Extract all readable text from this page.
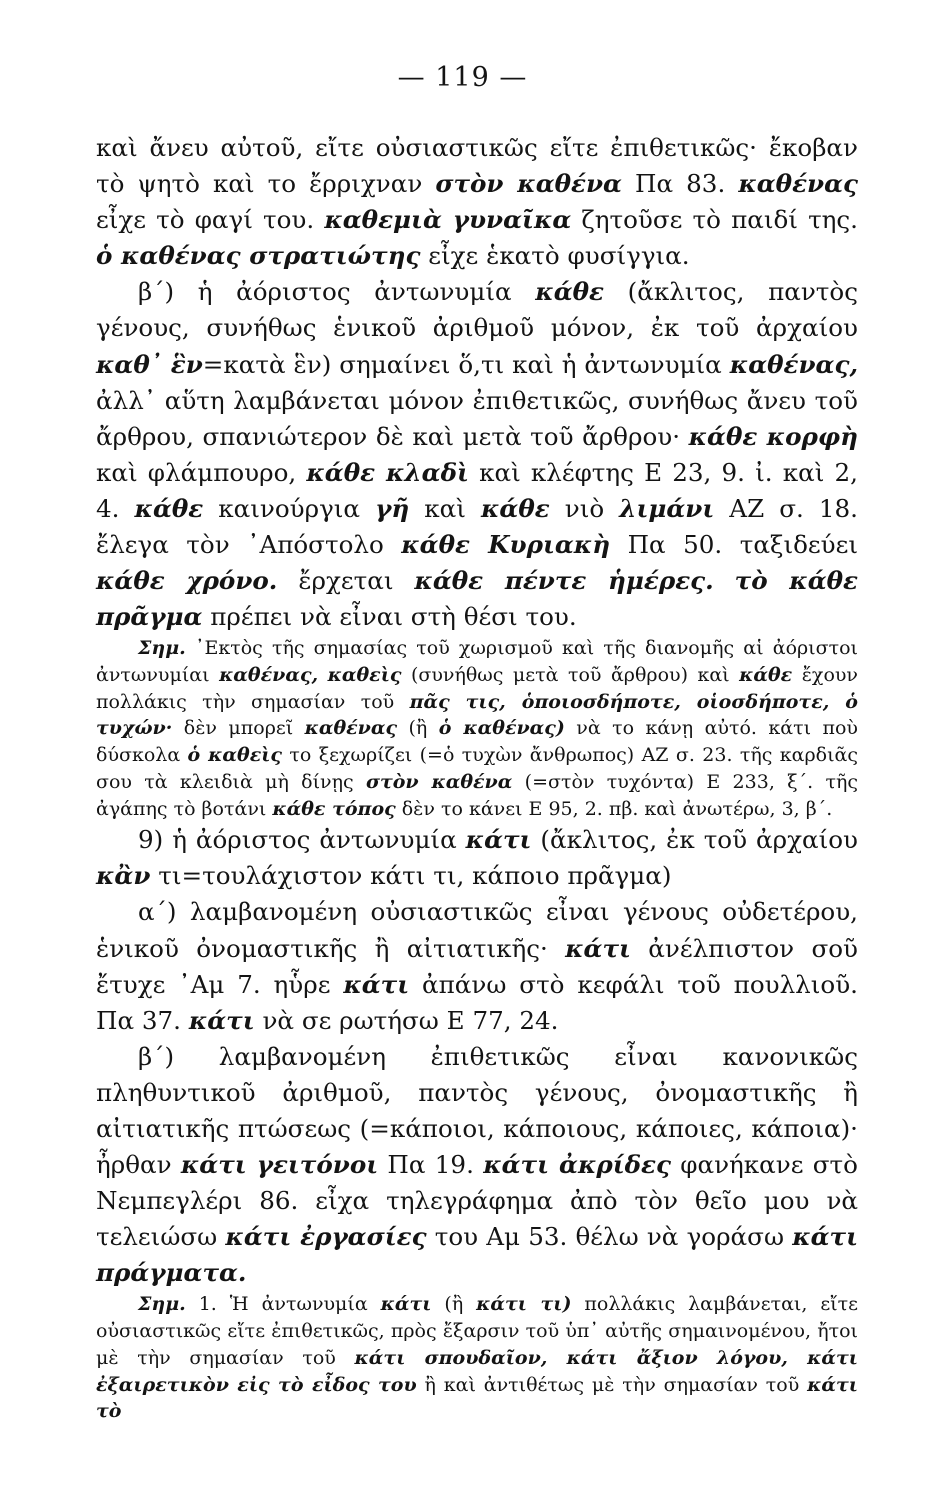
— 119 —

καὶ ἄνευ αὐτοῦ, εἴτε οὐσιαστικῶς εἴτε ἐπιθετικῶς· ἔκοβαν τὸ ψητὸ καὶ το ἔρριχναν στὸν καθένα Πα 83. καθένας εἶχε τὸ φαγί του. καθεμιὰ γυναῖκα ζητοῦσε τὸ παιδί της. ὁ καθένας στρατιώτης εἶχε ἑκατὸ φυσίγγια.

β´) ἡ ἀόριστος ἀντωνυμία κάθε (ἄκλιτος, παντὸς γένους, συνήθως ἑνικοῦ ἀριθμοῦ μόνον, ἐκ τοῦ ἀρχαίου καθ᾽ ἓν=κατὰ ἓν) σημαίνει ὅ,τι καὶ ἡ ἀντωνυμία καθένας, ἀλλ᾽ αὕτη λαμβάνεται μόνον ἐπιθετικῶς, συνήθως ἄνευ τοῦ ἄρθρου, σπανιώτερον δὲ καὶ μετὰ τοῦ ἄρθρου· κάθε κορφὴ καὶ φλάμπουρο, κάθε κλαδὶ καὶ κλέφτης Ε 23, 9. ἰ. καὶ 2, 4. κάθε καινούργια γῆ καὶ κάθε νιὸ λιμάνι ΑΖ σ. 18. ἔλεγα τὸν ᾽Απόστολο κάθε Κυριακὴ Πα 50. ταξιδεύει κάθε χρόνο. ἔρχεται κάθε πέντε ἡμέρες. τὸ κάθε πρᾶγμα πρέπει νὰ εἶναι στὴ θέσι του.

Σημ. ᾽Εκτὸς τῆς σημασίας τοῦ χωρισμοῦ καὶ τῆς διανομῆς αἱ ἀόριστοι ἀντωνυμίαι καθένας, καθεὶς (συνήθως μετὰ τοῦ ἄρθρου) καὶ κάθε ἔχουν πολλάκις τὴν σημασίαν τοῦ πᾶς τις, ὁποιοσδήποτε, οἱοσδήποτε, ὁ τυχών· δὲν μπορεῖ καθένας (ἢ ὁ καθένας) νὰ το κάνῃ αὐτό. κάτι ποὺ δύσκολα ὁ καθεὶς το ξεχωρίζει (=ὁ τυχὼν ἄνθρωπος) ΑΖ σ. 23. τῆς καρδιᾶς σου τὰ κλειδιὰ μὴ δίνῃς στὸν καθένα (=στὸν τυχόντα) Ε 233, ξ´. τῆς ἀγάπης τὸ βοτάνι κάθε τόπος δὲν το κάνει Ε 95, 2. πβ. καὶ ἀνωτέρω, 3, β´.

9) ἡ ἀόριστος ἀντωνυμία κάτι (ἄκλιτος, ἐκ τοῦ ἀρχαίου κἂν τι=τουλάχιστον κάτι τι, κάποιο πρᾶγμα)

α´) λαμβανομένη οὐσιαστικῶς εἶναι γένους οὐδετέρου, ἑνικοῦ ὀνομαστικῆς ἢ αἰτιατικῆς· κάτι ἀνέλπιστον σοῦ ἔτυχε ᾽Αμ 7. ηὗρε κάτι ἀπάνω στὸ κεφάλι τοῦ πουλλιοῦ. Πα 37. κάτι νὰ σε ρωτήσω Ε 77, 24.

β´) λαμβανομένη ἐπιθετικῶς εἶναι κανονικῶς πληθυντικοῦ ἀριθμοῦ, παντὸς γένους, ὀνομαστικῆς ἢ αἰτιατικῆς πτώσεως (=κάποιοι, κάποιους, κάποιες, κάποια)· ἦρθαν κάτι γειτόνοι Πα 19. κάτι ἀκρίδες φανήκανε στὸ Νεμπεγλέρι 86. εἶχα τηλεγράφημα ἀπὸ τὸν θεῖο μου νὰ τελειώσω κάτι ἐργασίες του Αμ 53. θέλω νὰ γοράσω κάτι πράγματα.

Σημ. 1. Ἡ ἀντωνυμία κάτι (ἢ κάτι τι) πολλάκις λαμβάνεται, εἴτε οὐσιαστικῶς εἴτε ἐπιθετικῶς, πρὸς ἔξαρσιν τοῦ ὑπ᾽ αὐτῆς σημαινομένου, ἤτοι μὲ τὴν σημασίαν τοῦ κάτι σπουδαῖον, κάτι ἄξιον λόγου, κάτι ἐξαιρετικὸν εἰς τὸ εἶδος του ἢ καὶ ἀντιθέτως μὲ τὴν σημασίαν τοῦ κάτι τὸ
